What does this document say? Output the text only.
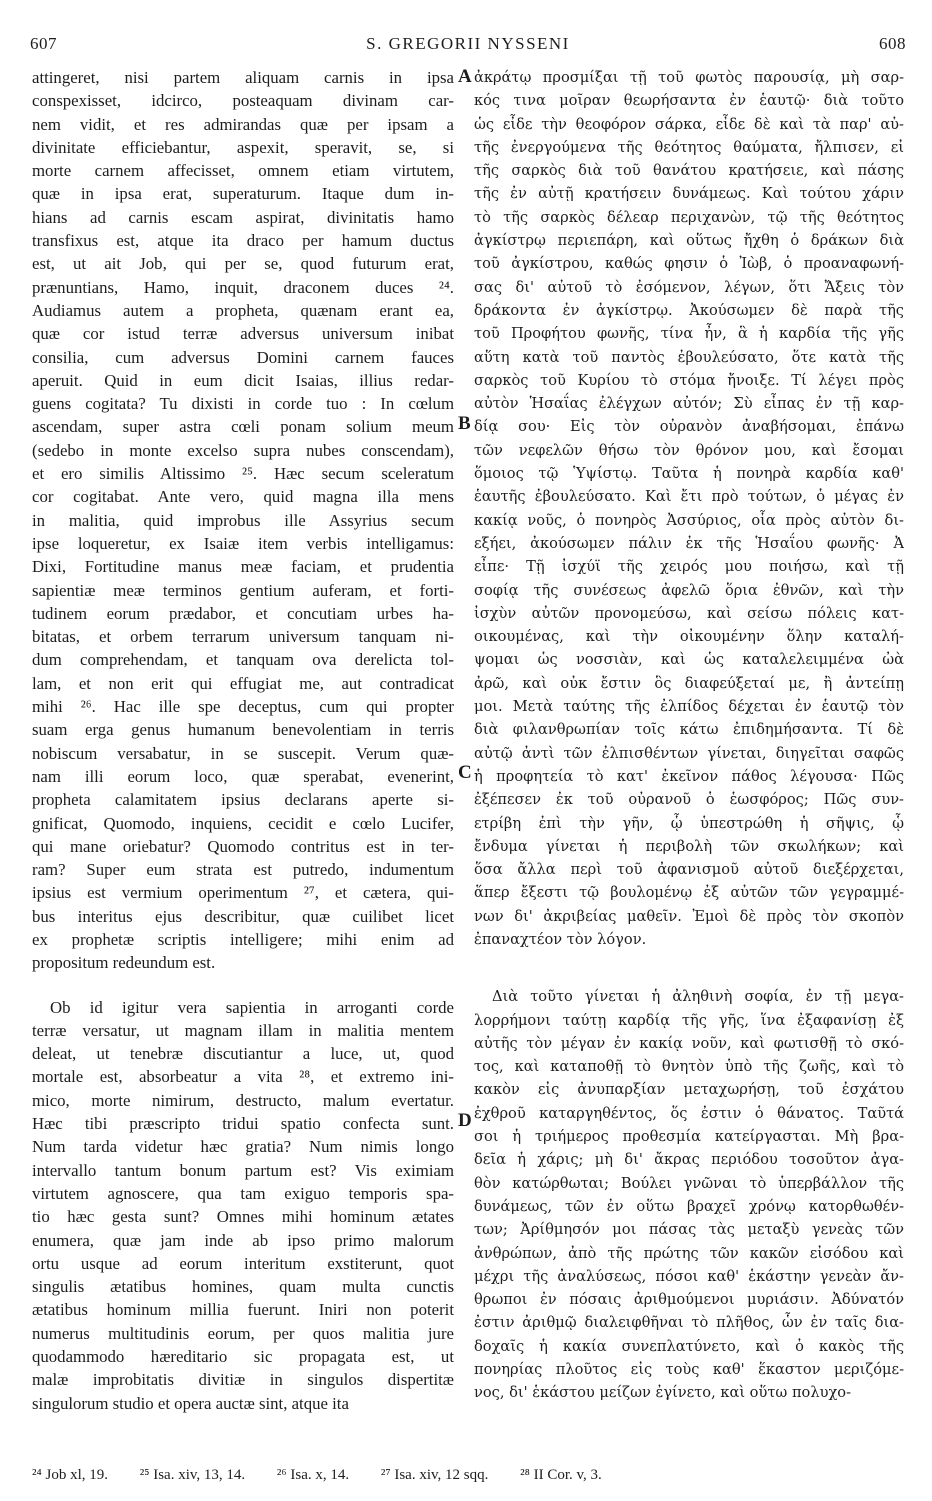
607	S. GREGORII NYSSENI	608
attingeret, nisi partem aliquam carnis in ipsa
conspexisset, idcirco, posteaquam divinam car-
nem vidit, et res admirandas quæ per ipsam a
divinitate efficiebantur, aspexit, speravit, se, si
morte carnem affecisset, omnem etiam virtutem,
quæ in ipsa erat, superaturum. Itaque dum in-
hians ad carnis escam aspirat, divinitatis hamo
transfixus est, atque ita draco per hamum ductus
est, ut ait Job, qui per se, quod futurum erat,
prænuntians, Hamo, inquit, draconem duces ²⁴.
Audiamus autem a propheta, quænam erant ea,
quæ cor istud terræ adversus universum inibat
consilia, cum adversus Domini carnem fauces
aperuit. Quid in eum dicit Isaias, illius redar-
guens cogitata? Tu dixisti in corde tuo : In cœlum
ascendam, super astra cœli ponam solium meum
(sedebo in monte excelso supra nubes conscendam),
et ero similis Altissimo ²⁵. Hæc secum sceleratum
cor cogitabat. Ante vero, quid magna illa mens
in malitia, quid improbus ille Assyrius secum
ipse loqueretur, ex Isaiæ item verbis intelligamus:
Dixi, Fortitudine manus meæ faciam, et prudentia
sapientiæ meæ terminos gentium auferam, et forti-
tudinem eorum prædabor, et concutiam urbes ha-
bitatas, et orbem terrarum universum tanquam ni-
dum comprehendam, et tanquam ova derelicta tol-
lam, et non erit qui effugiat me, aut contradicat
mihi ²⁶. Hac ille spe deceptus, cum qui propter
suam erga genus humanum benevolentiam in terris
nobiscum versabatur, in se suscepit. Verum quæ-
nam illi eorum loco, quæ sperabat, evenerint,
propheta calamitatem ipsius declarans aperte si-
gnificat, Quomodo, inquiens, cecidit e cœlo Lucifer,
qui mane oriebatur? Quomodo contritus est in ter-
ram? Super eum strata est putredo, indumentum
ipsius est vermium operimentum ²⁷, et cætera, qui-
bus interitus ejus describitur, quæ cuilibet licet
ex prophetæ scriptis intelligere; mihi enim ad
propositum redeundum est.
Ob id igitur vera sapientia in arroganti corde
terræ versatur, ut magnam illam in malitia mentem
deleat, ut tenebræ discutiantur a luce, ut, quod
mortale est, absorbeatur a vita ²⁸, et extremo ini-
mico, morte nimirum, destructo, malum evertatur.
Hæc tibi præscripto tridui spatio confecta sunt.
Num tarda videtur hæc gratia? Num nimis longo
intervallo tantum bonum partum est? Vis eximiam
virtutem agnoscere, qua tam exiguo temporis spa-
tio hæc gesta sunt? Omnes mihi hominum ætates
enumera, quæ jam inde ab ipso primo malorum
ortu usque ad eorum interitum exstiterunt, quot
singulis ætatibus homines, quam multa cunctis
ætatibus hominum millia fuerunt. Iniri non poterit
numerus multitudinis eorum, per quos malitia jure
quodammodo hæreditario sic propagata est, ut
malæ improbitatis divitiæ in singulos dispertitæ
singulorum studio et opera auctæ sint, atque ita
ἀκράτῳ προσμίξαι τῇ τοῦ φωτὸς παρουσίᾳ, μὴ σαρ-
κός τινα μοῖραν θεωρήσαντα ἐν ἑαυτῷ· διὰ τοῦτο
ὡς εἶδε τὴν θεοφόρον σάρκα, εἶδε δὲ καὶ τὰ παρ' αὐ-
τῆς ἐνεργούμενα τῆς θεότητος θαύματα, ἤλπισεν, εἰ
τῆς σαρκὸς διὰ τοῦ θανάτου κρατήσειε, καὶ πάσης
τῆς ἐν αὐτῇ κρατήσειν δυνάμεως. Καὶ τούτου χάριν
τὸ τῆς σαρκὸς δέλεαρ περιχανὼν, τῷ τῆς θεότητος
ἀγκίστρῳ περιεπάρη, καὶ οὕτως ἤχθη ὁ δράκων διὰ
τοῦ ἀγκίστρου, καθώς φησιν ὁ Ἰὼβ, ὁ προαναφωνή-
σας δι' αὐτοῦ τὸ ἐσόμενον, λέγων, ὅτι Ἄξεις τὸν
δράκοντα ἐν ἀγκίστρῳ. Ἀκούσωμεν δὲ παρὰ τῆς
τοῦ Προφήτου φωνῆς, τίνα ἦν, ἃ ἡ καρδία τῆς γῆς
αὕτη κατὰ τοῦ παντὸς ἐβουλεύσατο, ὅτε κατὰ τῆς
σαρκὸς τοῦ Κυρίου τὸ στόμα ἤνοιξε. Τί λέγει πρὸς
αὐτὸν Ἡσαΐας ἐλέγχων αὐτόν; Σὺ εἶπας ἐν τῇ καρ-
δίᾳ σου· Εἰς τὸν οὐρανὸν ἀναβήσομαι, ἐπάνω
τῶν νεφελῶν θήσω τὸν θρόνον μου, καὶ ἔσομαι
ὅμοιος τῷ Ὑψίστῳ. Ταῦτα ἡ πονηρὰ καρδία καθ'
ἑαυτῆς ἐβουλεύσατο. Καὶ ἔτι πρὸ τούτων, ὁ μέγας ἐν
κακίᾳ νοῦς, ὁ πονηρὸς Ἀσσύριος, οἷα πρὸς αὐτὸν δι-
εξήει, ἀκούσωμεν πάλιν ἐκ τῆς Ἡσαΐου φωνῆς· Ἀ
εἶπε· Τῇ ἰσχύϊ τῆς χειρός μου ποιήσω, καὶ τῇ
σοφίᾳ τῆς συνέσεως ἀφελῶ ὅρια ἐθνῶν, καὶ τὴν
ἰσχὺν αὐτῶν προνομεύσω, καὶ σείσω πόλεις κατ-
οικουμένας, καὶ τὴν οἰκουμένην ὅλην καταλή-
ψομαι ὡς νοσσιὰν, καὶ ὡς καταλελειμμένα ὠὰ
ἀρῶ, καὶ οὐκ ἔστιν ὃς διαφεύξεταί με, ἢ ἀντείπῃ
μοι. Μετὰ ταύτης τῆς ἐλπίδος δέχεται ἐν ἑαυτῷ τὸν
διὰ φιλανθρωπίαν τοῖς κάτω ἐπιδημήσαντα. Τί δὲ
αὐτῷ ἀντὶ τῶν ἐλπισθέντων γίνεται, διηγεῖται σαφῶς
ἡ προφητεία τὸ κατ' ἐκεῖνον πάθος λέγουσα· Πῶς
ἐξέπεσεν ἐκ τοῦ οὐρανοῦ ὁ ἑωσφόρος; Πῶς συν-
ετρίβη ἐπὶ τὴν γῆν, ᾧ ὑπεστρώθη ἡ σῆψις, ᾧ
ἔνδυμα γίνεται ἡ περιβολὴ τῶν σκωλήκων; καὶ
ὅσα ἄλλα περὶ τοῦ ἀφανισμοῦ αὐτοῦ διεξέρχεται,
ἅπερ ἔξεστι τῷ βουλομένῳ ἐξ αὐτῶν τῶν γεγραμμέ-
νων δι' ἀκριβείας μαθεῖν. Ἐμοὶ δὲ πρὸς τὸν σκοπὸν
ἐπαναχτέον τὸν λόγον.
Διὰ τοῦτο γίνεται ἡ ἀληθινὴ σοφία, ἐν τῇ μεγα-
λορρήμονι ταύτῃ καρδίᾳ τῆς γῆς, ἵνα ἐξαφανίσῃ ἐξ
αὐτῆς τὸν μέγαν ἐν κακίᾳ νοῦν, καὶ φωτισθῇ τὸ σκό-
τος, καὶ καταποθῇ τὸ θνητὸν ὑπὸ τῆς ζωῆς, καὶ τὸ
κακὸν εἰς ἀνυπαρξίαν μεταχωρήσῃ, τοῦ ἐσχάτου
ἐχθροῦ καταργηθέντος, ὅς ἐστιν ὁ θάνατος. Ταῦτά
σοι ἡ τριήμερος προθεσμία κατείργασται. Μὴ βρα-
δεῖα ἡ χάρις; μὴ δι' ἄκρας περιόδου τοσοῦτον ἀγα-
θὸν κατώρθωται; Βούλει γνῶναι τὸ ὑπερβάλλον τῆς
δυνάμεως, τῶν ἐν οὕτω βραχεῖ χρόνῳ κατορθωθέν-
των; Ἀρίθμησόν μοι πάσας τὰς μεταξὺ γενεὰς τῶν
ἀνθρώπων, ἀπὸ τῆς πρώτης τῶν κακῶν εἰσόδου καὶ
μέχρι τῆς ἀναλύσεως, πόσοι καθ' ἑκάστην γενεὰν ἄν-
θρωποι ἐν πόσαις ἀριθμούμενοι μυριάσιν. Ἀδύνατόν
ἐστιν ἀριθμῷ διαλειφθῆναι τὸ πλῆθος, ὧν ἐν ταῖς δια-
δοχαῖς ἡ κακία συνεπλατύνετο, καὶ ὁ κακὸς τῆς
πονηρίας πλοῦτος εἰς τοὺς καθ' ἕκαστον μεριζόμε-
νος, δι' ἑκάστου μείζων ἐγίνετο, καὶ οὕτω πολυχο-
A
B
C
D
²⁴ Job xl, 19. ²⁵ Isa. xiv, 13, 14. ²⁶ Isa. x, 14. ²⁷ Isa. xiv, 12 sqq. ²⁸ II Cor. v, 3.
